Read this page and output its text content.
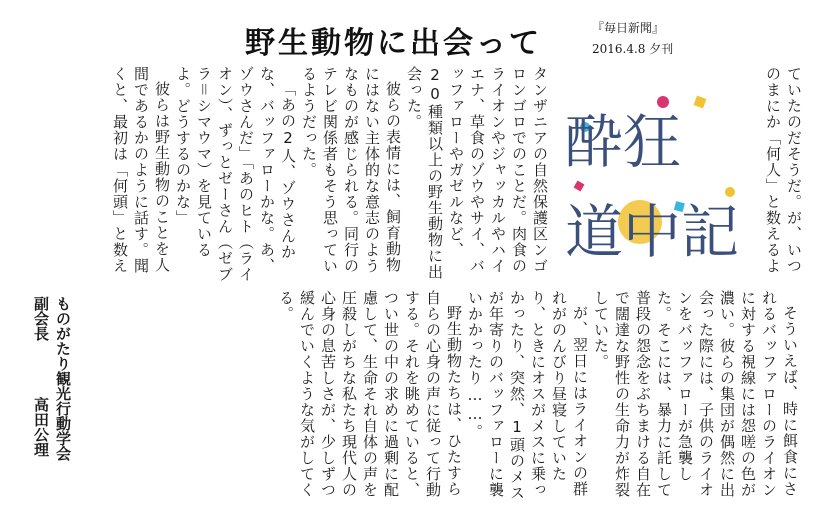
野生動物に出会って	『毎日新聞』
2016.4.8 夕刊

ていたのだそうだ。が、いつのまにか「何人」と数えるよ

酔狂
道中記

タンザニアの自然保護区ンゴロンゴロでのことだ。肉食のライオンやジャッカルやハイエナ、草食のゾウやサイ、バッファローやガゼルなど、20種類以上の野生動物に出会った。

彼らの表情には、飼育動物にはない主体的な意志のようなものが感じられる。同行のテレビ関係者もそう思っているようだった。

「あの2人、ゾウさんかな、バッファローかな。あ、ゾウさんだ」「あのヒト（ライオン）、ずっとゼーさん（ゼブラ＝シマウマ）を見ているよ。どうするのかな」

彼らは野生動物のことを人間であるかのように話す。聞くと、最初は「何頭」と数え

そういえば、時に餌食にされるバッファローのライオンに対する視線には怨嗟の色が濃い。彼らの集団が偶然に出会った際には、子供のライオンをバッファローが急襲した。そこには、暴力に託して普段の怨念をぶちまける自在で闊達な野性の生命力が炸裂していた。

が、翌日にはライオンの群れがのんびり昼寝していたり、ときにオスがメスに乗っかったり、突然、1頭のメスが年寄りのバッファローに襲いかかったり……。

野生動物たちは、ひたすら自らの心身の声に従って行動する。それを眺めていると、つい世の中の求めに過剰に配慮して、生命それ自体の声を圧殺しがちな私たち現代人の心身の息苦しさが、少しずつ緩んでいくような気がしてくる。

ものがたり観光行動学会
副会長高田公理
